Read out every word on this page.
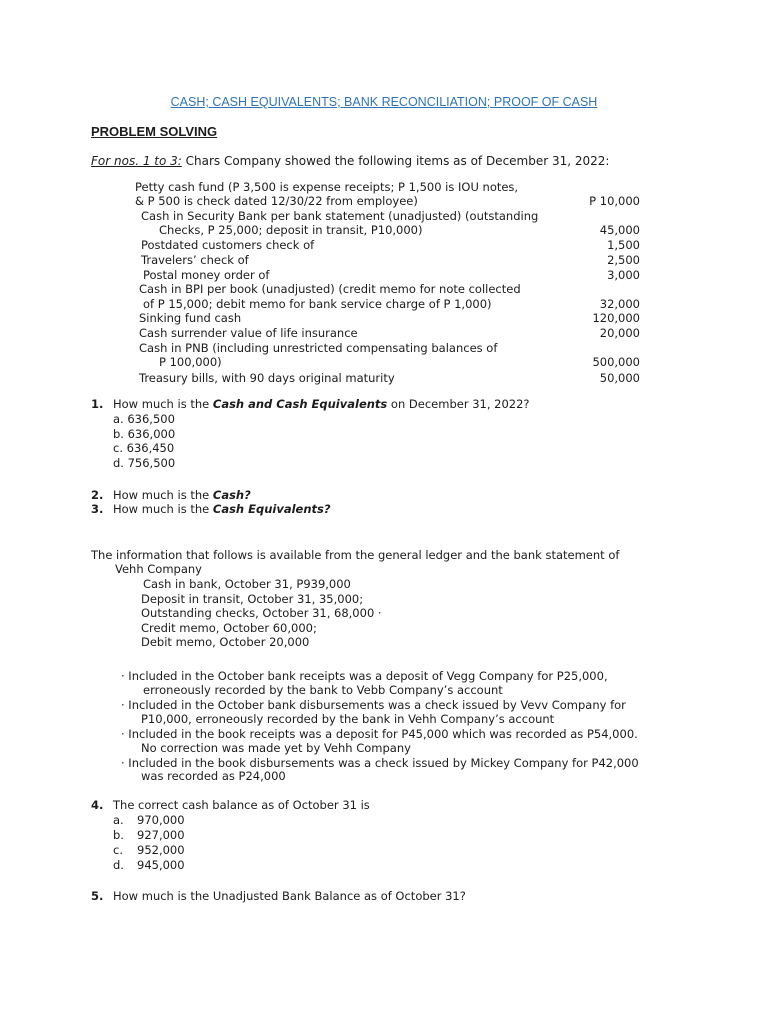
CASH; CASH EQUIVALENTS; BANK RECONCILIATION; PROOF OF CASH
PROBLEM SOLVING
For nos. 1 to 3: Chars Company showed the following items as of December 31, 2022:
Petty cash fund (P 3,500 is expense receipts; P 1,500 is IOU notes,
& P 500 is check dated 12/30/22 from employee)	P 10,000
Cash in Security Bank per bank statement (unadjusted) (outstanding
Checks, P 25,000; deposit in transit, P10,000)	45,000
Postdated customers check of	1,500
Travelers’ check of	2,500
Postal money order of	3,000
Cash in BPI per book (unadjusted) (credit memo for note collected
of P 15,000; debit memo for bank service charge of P 1,000)	32,000
Sinking fund cash	120,000
Cash surrender value of life insurance	20,000
Cash in PNB (including unrestricted compensating balances of
P 100,000)	500,000
Treasury bills, with 90 days original maturity	50,000
1. How much is the Cash and Cash Equivalents on December 31, 2022?
a. 636,500
b. 636,000
c. 636,450
d. 756,500
2. How much is the Cash?
3. How much is the Cash Equivalents?
The information that follows is available from the general ledger and the bank statement of
Vehh Company
Cash in bank, October 31, P939,000
Deposit in transit, October 31, 35,000;
Outstanding checks, October 31, 68,000 ·
Credit memo, October 60,000;
Debit memo, October 20,000
· Included in the October bank receipts was a deposit of Vegg Company for P25,000,
erroneously recorded by the bank to Vebb Company’s account
· Included in the October bank disbursements was a check issued by Vevv Company for
P10,000, erroneously recorded by the bank in Vehh Company’s account
· Included in the book receipts was a deposit for P45,000 which was recorded as P54,000.
No correction was made yet by Vehh Company
· Included in the book disbursements was a check issued by Mickey Company for P42,000
was recorded as P24,000
4. The correct cash balance as of October 31 is
a. 970,000
b. 927,000
c. 952,000
d. 945,000
5. How much is the Unadjusted Bank Balance as of October 31?
